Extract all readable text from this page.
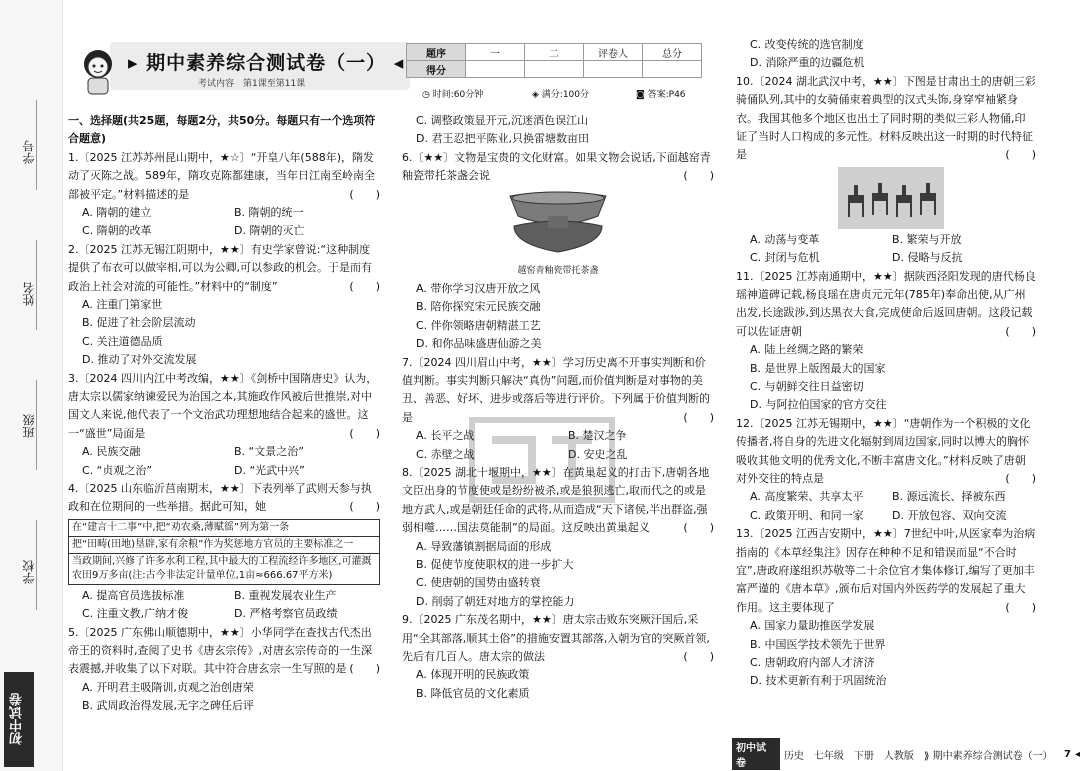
学号
姓名
班级
学校
初中试卷
▸ 期中素养综合测试卷（一） ◂
考试内容　第1课至第11课
题序	一	二	评卷人	总分
得分				
◷ 时间:60分钟	◈ 满分:100分	◙ 答案:P46

一、选择题(共25题，每题2分，共50分。每题只有一个选项符合题意)

1.〔2025 江苏苏州昆山期中，★☆〕“开皇八年(588年)，隋发动了灭陈之战。589年，隋攻克陈都建康，当年日江南至岭南全部被平定。”材料描述的是	(　　)

A. 隋朝的建立	B. 隋朝的统一
C. 隋朝的改革	D. 隋朝的灭亡

2.〔2025 江苏无锡江阴期中，★★〕有史学家曾说:“这种制度提供了布衣可以做宰相,可以为公卿,可以参政的机会。于是而有政治上社会对流的可能性。”材料中的“制度”	(　　)

A. 注重门第家世
B. 促进了社会阶层流动
C. 关注道德品质
D. 推动了对外交流发展

3.〔2024 四川内江中考改编，★★〕《剑桥中国隋唐史》认为，唐太宗以儒家纳谏爱民为治国之本,其施政作风被后世推崇,对中国文人来说,他代表了一个文治武功理想地结合起来的盛世。这一“盛世”局面是	(　　)

A. 民族交融	B. “文景之治”
C. “贞观之治”	D. “光武中兴”

4.〔2025 山东临沂莒南期末，★★〕下表列举了武则天参与执政和在位期间的一些举措。据此可知，她	(　　)

在“建言十二事”中,把“劝农桑,薄赋徭”列为第一条
把“田畴(田地)垦辟,家有余粮”作为奖惩地方官员的主要标准之一
当政期间,兴修了许多水利工程,其中最大的工程流经许多地区,可灌溉农田9万多亩(注:古今非法定计量单位,1亩≈666.67平方米)
A. 提高官员选拔标准	B. 重视发展农业生产
C. 注重文教,广纳才俊	D. 严格考察官员政绩

5.〔2025 广东佛山顺德期中，★★〕小华同学在查找古代杰出帝王的资料时,查阅了史书《唐玄宗传》,对唐玄宗传奇的一生深表震撼,并收集了以下对联。其中符合唐玄宗一生写照的是 (　　)

A. 开明君主吸隋训,贞观之治创唐荣
B. 武周政治得发展,无字之碑任后评
C. 调整政策显开元,沉迷酒色误江山
D. 君王忍把平陈业,只换雷塘数亩田

6.〔★★〕文物是宝贵的文化财富。如果文物会说话,下面越窑青釉瓷带托茶盏会说	(　　)

越窑青釉瓷带托茶盏
A. 带你学习汉唐开放之风
B. 陪你探究宋元民族交融
C. 伴你领略唐朝精湛工艺
D. 和你品味盛唐仙游之美

7.〔2024 四川眉山中考，★★〕学习历史离不开事实判断和价值判断。事实判断只解决“真伪”问题,而价值判断是对事物的美丑、善恶、好坏、进步或落后等进行评价。下列属于价值判断的是	(　　)

A. 长平之战	B. 楚汉之争
C. 赤壁之战	D. 安史之乱

8.〔2025 湖北十堰期中，★★〕在黄巢起义的打击下,唐朝各地文臣出身的节度使或是纷纷被杀,或是狼狈逃亡,取而代之的或是地方武人,或是朝廷任命的武将,从而造成“天下诸侯,半出群盗,强弱相噬……国法莫能制”的局面。这反映出黄巢起义	(　　)

A. 导致藩镇割据局面的形成
B. 促使节度使职权的进一步扩大
C. 使唐朝的国势由盛转衰
D. 削弱了朝廷对地方的掌控能力

9.〔2025 广东茂名期中，★★〕唐太宗击败东突厥汗国后,采用“全其部落,顺其土俗”的措施安置其部落,入朝为官的突厥首领,先后有几百人。唐太宗的做法	(　　)

A. 体现开明的民族政策
B. 降低官员的文化素质
C. 改变传统的选官制度
D. 消除严重的边疆危机

10.〔2024 湖北武汉中考，★★〕下图是甘肃出土的唐朝三彩骑俑队列,其中的女骑俑束着典型的汉式头饰,身穿窄袖紧身衣。我国其他多个地区也出土了同时期的类似三彩人物俑,印证了当时人口构成的多元性。材料反映出这一时期的时代特征是	(　　)

A. 动荡与变革	B. 繁荣与开放
C. 封闭与危机	D. 侵略与反抗

11.〔2025 江苏南通期中，★★〕据陕西泾阳发现的唐代杨良瑶神道碑记载,杨良瑶在唐贞元元年(785年)奉命出使,从广州出发,长途跋涉,到达黑衣大食,完成使命后返回唐朝。这段记载可以佐证唐朝	(　　)

A. 陆上丝绸之路的繁荣
B. 是世界上版图最大的国家
C. 与朝鲜交往日益密切
D. 与阿拉伯国家的官方交往

12.〔2025 江苏无锡期中，★★〕“唐朝作为一个积极的文化传播者,将自身的先进文化辐射到周边国家,同时以博大的胸怀吸收其他文明的优秀文化,不断丰富唐文化。”材料反映了唐朝对外交往的特点是	(　　)

A. 高度繁荣、共享太平	B. 源远流长、择被东西
C. 政策开明、和同一家	D. 开放包容、双向交流

13.〔2025 江西吉安期中，★★〕7世纪中叶,从医家奉为治病指南的《本草经集注》因存在种种不足和错误而显“不合时宜”,唐政府遂组织苏敬等二十余位官才集体修订,编写了更加丰富严谨的《唐本草》,颁布后对国内外医药学的发展起了重大作用。这主要体现了	(　　)

A. 国家力量助推医学发展
B. 中国医学技术领先于世界
C. 唐朝政府内部人才济济
D. 技术更新有利于巩固统治
初中试卷
历史　七年级　下册　人教版　⟫ 期中素养综合测试卷（一） 7 ◂
